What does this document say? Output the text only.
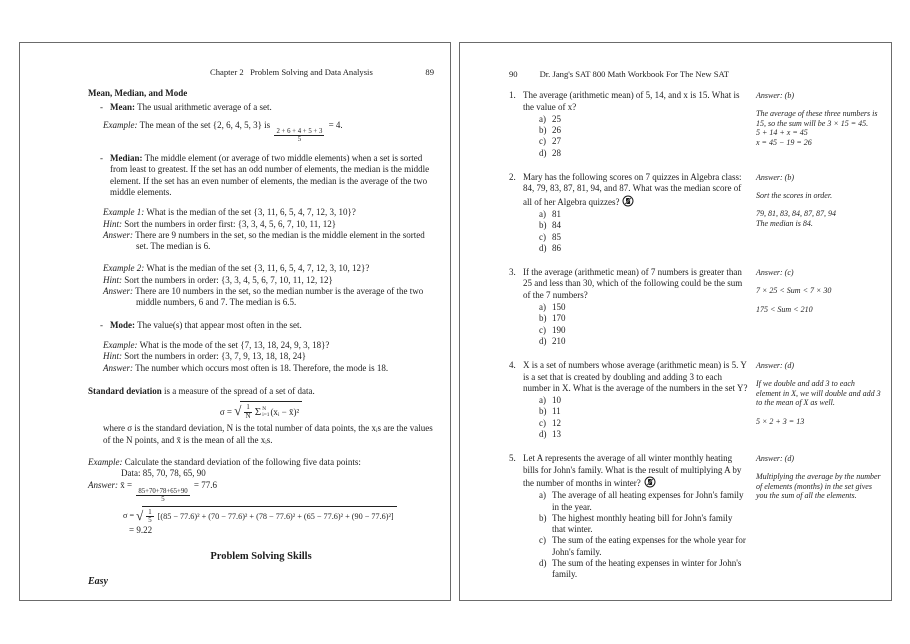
Chapter 2   Problem Solving and Data Analysis	89
Mean, Median, and Mode
- Mean: The usual arithmetic average of a set.
Example: The mean of the set {2, 6, 4, 5, 3} is
$\frac{2 + 6 + 4 + 5 + 3}{5}$
= 4.
- Median: The middle element (or average of two middle elements) when a set is sorted from least to greatest. If the set has an odd number of elements, the median is the middle element. If the set has an even number of elements, the median is the average of the two middle elements.
Example 1: What is the median of the set {3, 11, 6, 5, 4, 7, 12, 3, 10}?
Hint: Sort the numbers in order first: {3, 3, 4, 5, 6, 7, 10, 11, 12}
Answer: There are 9 numbers in the set, so the median is the middle element in the sorted set. The median is 6.
Example 2: What is the median of the set {3, 11, 6, 5, 4, 7, 12, 3, 10, 12}?
Hint: Sort the numbers in order: {3, 3, 4, 5, 6, 7, 10, 11, 12, 12}
Answer: There are 10 numbers in the set, so the median number is the average of the two middle numbers, 6 and 7. The median is 6.5.
- Mode: The value(s) that appear most often in the set.
Example: What is the mode of the set {7, 13, 18, 24, 9, 3, 18}?
Hint: Sort the numbers in order: {3, 7, 9, 13, 18, 18, 24}
Answer: The number which occurs most often is 18. Therefore, the mode is 18.
Standard deviation is a measure of the spread of a set of data.
σ = √ $\frac{1}{N}$ Σ N
i=1 (xᵢ − x̄)²
where σ is the standard deviation, N is the total number of data points, the xᵢs are the values of the N points, and x̄ is the mean of all the xᵢs.
Example: Calculate the standard deviation of the following five data points:
Data: 85, 70, 78, 65, 90
Answer: x̄ =
$\frac{85+70+78+65+90}{5}$
= 77.6
σ =
√ $\frac{1}{5} [(85 - 77.6)^2 + (70 - 77.6)^2 + (78 - 77.6)^2 + (65 - 77.6)^2 + (90 - 77.6)^2]$
= 9.22
Problem Solving Skills
Easy
90	Dr. Jang's SAT 800 Math Workbook For The New SAT
1. The average (arithmetic mean) of 5, 14, and x is 15. What is the value of x?
a) 25
b) 26
c) 27
d) 28
Answer: (b)
The average of these three numbers is 15, so the sum will be 3 × 15 = 45.
5 + 14 + x = 45
x = 45 − 19 = 26
2. Mary has the following scores on 7 quizzes in Algebra class: 84, 79, 83, 87, 81, 94, and 87. What was the median score of all of her Algebra quizzes?
a) 81
b) 84
c) 85
d) 86
Answer: (b)
Sort the scores in order.
79, 81, 83, 84, 87, 87, 94
The median is 84.
3. If the average (arithmetic mean) of 7 numbers is greater than 25 and less than 30, which of the following could be the sum of the 7 numbers?
a) 150
b) 170
c) 190
d) 210
Answer: (c)
7 × 25 < Sum < 7 × 30
175 < Sum < 210
4. X is a set of numbers whose average (arithmetic mean) is 5. Y is a set that is created by doubling and adding 3 to each number in X. What is the average of the numbers in the set Y?
a) 10
b) 11
c) 12
d) 13
Answer: (d)
If we double and add 3 to each element in X, we will double and add 3 to the mean of X as well.
5 × 2 + 3 = 13
5. Let A represents the average of all winter monthly heating bills for John's family. What is the result of multiplying A by the number of months in winter?
a) The average of all heating expenses for John's family in the year.
b) The highest monthly heating bill for John's family that winter.
c) The sum of the eating expenses for the whole year for John's family.
d) The sum of the heating expenses in winter for John's family.
Answer: (d)
Multiplying the average by the number of elements (months) in the set gives you the sum of all the elements.
